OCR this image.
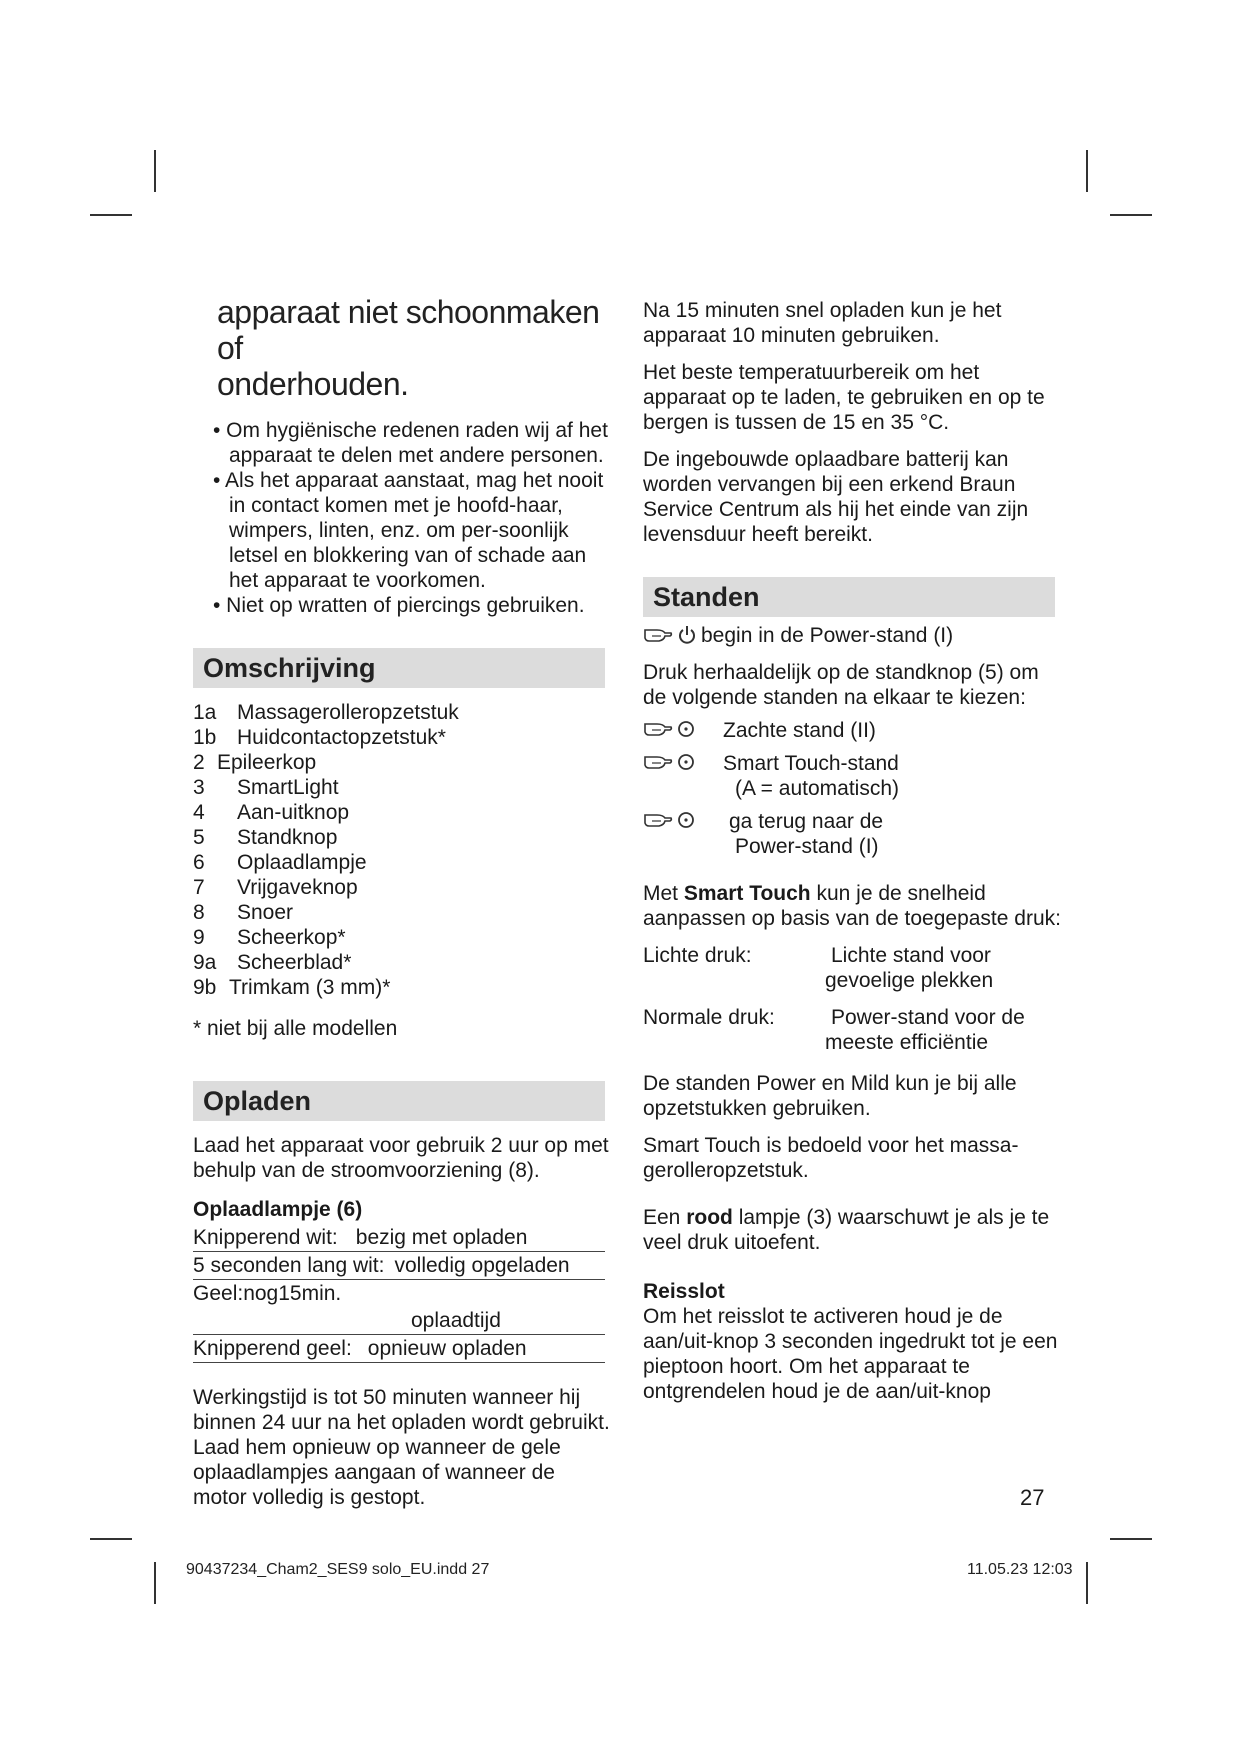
apparaat niet schoonmaken of
onderhouden.
• Om hygiënische redenen raden wij af het apparaat te delen met andere personen.
• Als het apparaat aanstaat, mag het nooit in contact komen met je hoofd-haar, wimpers, linten, enz. om per-soonlijk letsel en blokkering van of schade aan het apparaat te voorkomen.
• Niet op wratten of piercings gebruiken.
Omschrijving
1a Massagerolleropzetstuk
1b Huidcontactopzetstuk*
2 Epileerkop
3	SmartLight
4	Aan-uitknop
5	Standknop
6	Oplaadlampje
7	Vrijgaveknop
8	Snoer
9	Scheerkop*
9a Scheerblad*
9b Trimkam (3 mm)*
* niet bij alle modellen
Opladen

Laad het apparaat voor gebruik 2 uur op met behulp van de stroomvoorziening (8).

Oplaadlampje (6)
Knipperend wit: bezig met opladen
5 seconden lang wit: volledig opgeladen
Geel:nog15min.
oplaadtijd
Knipperend geel: opnieuw opladen

Werkingstijd is tot 50 minuten wanneer hij binnen 24 uur na het opladen wordt gebruikt. Laad hem opnieuw op wanneer de gele oplaadlampjes aangaan of wanneer de motor volledig is gestopt.

Na 15 minuten snel opladen kun je het apparaat 10 minuten gebruiken.

Het beste temperatuurbereik om het apparaat op te laden, te gebruiken en op te bergen is tussen de 15 en 35 °C.

De ingebouwde oplaadbare batterij kan worden vervangen bij een erkend Braun Service Centrum als hij het einde van zijn levensduur heeft bereikt.

Standen
begin in de Power-stand (I)

Druk herhaaldelijk op de standknop (5) om de volgende standen na elkaar te kiezen:

Zachte stand (II)
Smart Touch-stand
(A = automatisch)
ga terug naar de
Power-stand (I)

Met Smart Touch kun je de snelheid aanpassen op basis van de toegepaste druk:

Lichte druk:	Lichte stand voor
gevoelige plekken
Normale druk:	Power-stand voor de
meeste efficiëntie

De standen Power en Mild kun je bij alle opzetstukken gebruiken.

Smart Touch is bedoeld voor het massa-gerolleropzetstuk.

Een rood lampje (3) waarschuwt je als je te veel druk uitoefent.

Reisslot

Om het reisslot te activeren houd je de aan/uit-knop 3 seconden ingedrukt tot je een pieptoon hoort. Om het apparaat te ontgrendelen houd je de aan/uit-knop

27
90437234_Cham2_SES9 solo_EU.indd 27	11.05.23 12:03
